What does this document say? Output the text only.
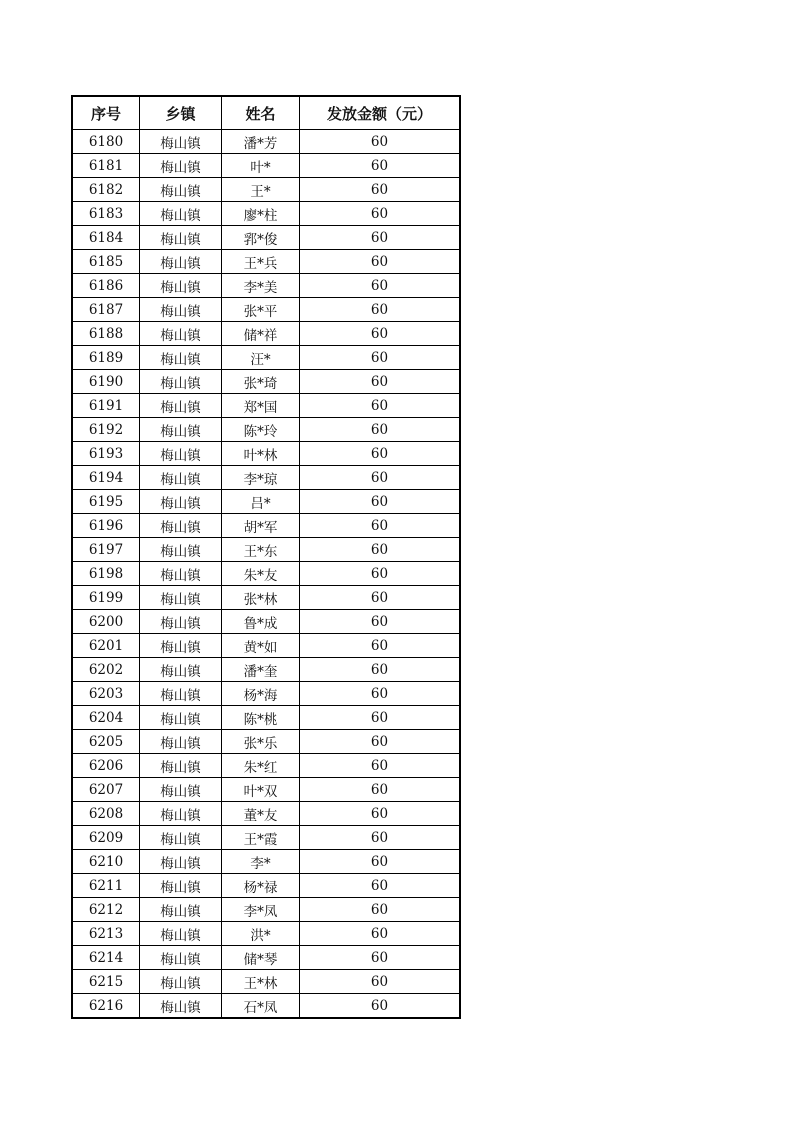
序号	乡镇	姓名	发放金额（元）
6180	梅山镇	潘*芳	60
6181	梅山镇	叶*	60
6182	梅山镇	王*	60
6183	梅山镇	廖*柱	60
6184	梅山镇	郛*俊	60
6185	梅山镇	王*兵	60
6186	梅山镇	李*美	60
6187	梅山镇	张*平	60
6188	梅山镇	储*祥	60
6189	梅山镇	汪*	60
6190	梅山镇	张*琦	60
6191	梅山镇	郑*国	60
6192	梅山镇	陈*玲	60
6193	梅山镇	叶*林	60
6194	梅山镇	李*琼	60
6195	梅山镇	吕*	60
6196	梅山镇	胡*军	60
6197	梅山镇	王*东	60
6198	梅山镇	朱*友	60
6199	梅山镇	张*林	60
6200	梅山镇	鲁*成	60
6201	梅山镇	黄*如	60
6202	梅山镇	潘*奎	60
6203	梅山镇	杨*海	60
6204	梅山镇	陈*桃	60
6205	梅山镇	张*乐	60
6206	梅山镇	朱*红	60
6207	梅山镇	叶*双	60
6208	梅山镇	董*友	60
6209	梅山镇	王*霞	60
6210	梅山镇	李*	60
6211	梅山镇	杨*禄	60
6212	梅山镇	李*凤	60
6213	梅山镇	洪*	60
6214	梅山镇	储*琴	60
6215	梅山镇	王*林	60
6216	梅山镇	石*凤	60
